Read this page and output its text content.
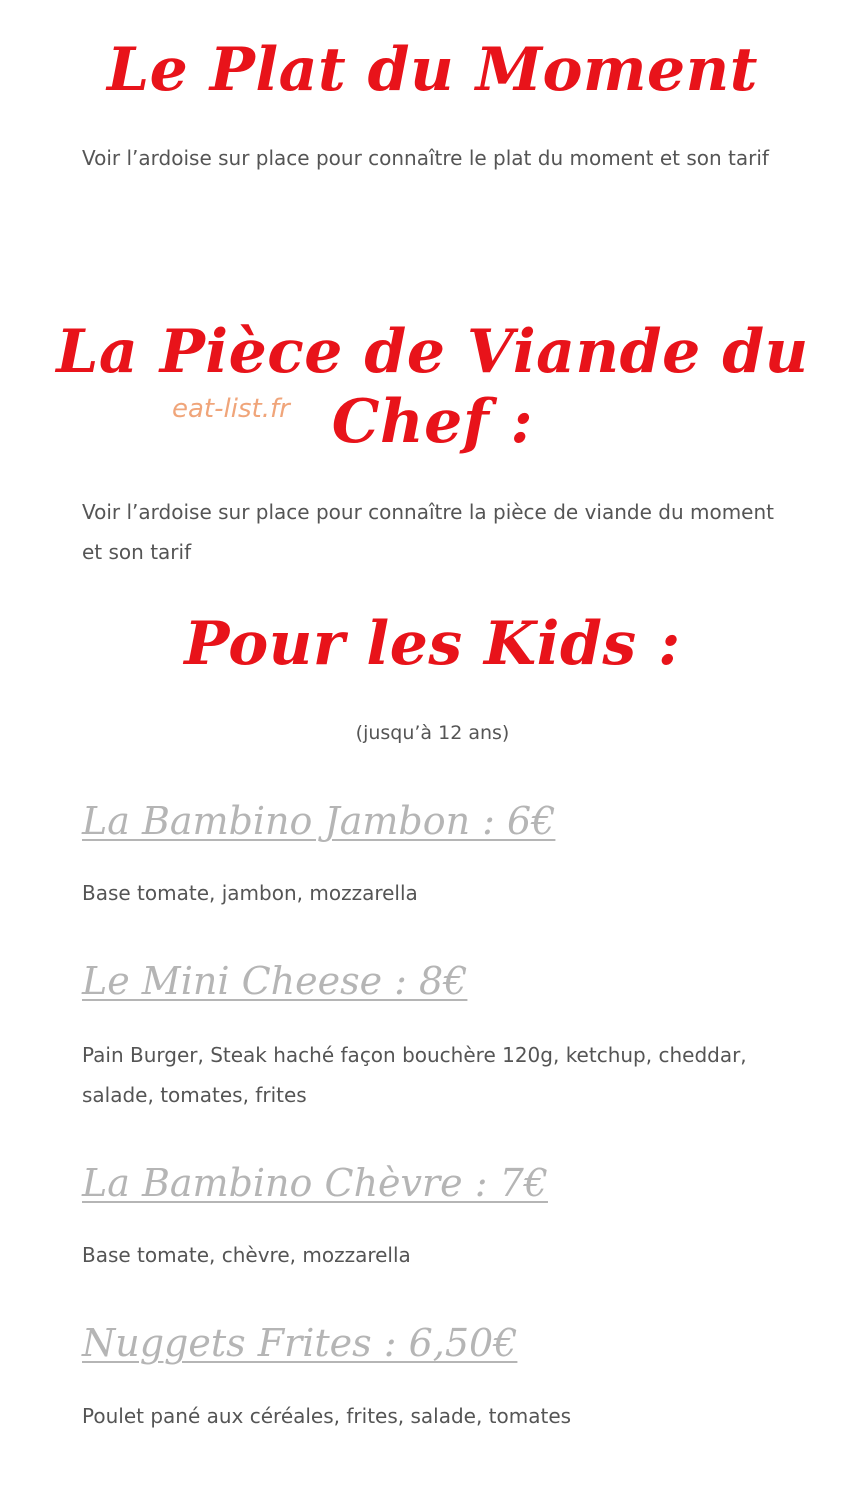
Le Plat du Moment

Voir l’ardoise sur place pour connaître le plat du moment et son tarif

La Pièce de Viande du
Chef :
eat-list.fr

Voir l’ardoise sur place pour connaître la pièce de viande du moment et son tarif

Pour les Kids :

(jusqu’à 12 ans)

La Bambino Jambon : 6€

Base tomate, jambon, mozzarella

Le Mini Cheese : 8€

Pain Burger, Steak haché façon bouchère 120g, ketchup, cheddar, salade, tomates, frites

La Bambino Chèvre : 7€

Base tomate, chèvre, mozzarella

Nuggets Frites : 6,50€

Poulet pané aux céréales, frites, salade, tomates
